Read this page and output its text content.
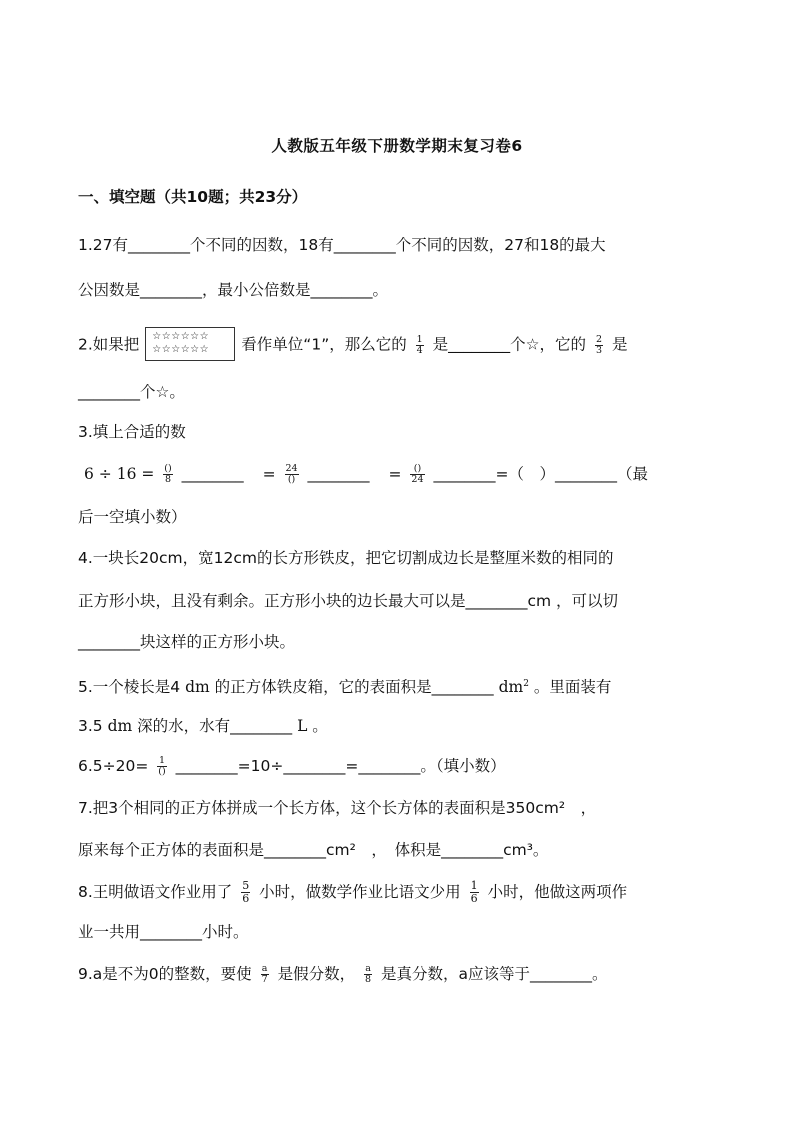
人教版五年级下册数学期末复习卷6
一、填空题（共10题；共23分）
1.27有________个不同的因数，18有________个不同的因数，27和18的最大
公因数是________，最小公倍数是________。
2.如果把	☆☆☆☆☆☆
☆☆☆☆☆☆	看作单位“1”，那么它的 $\frac{1}{4}$ 是________个☆，它的 $\frac{2}{3}$ 是
________个☆。
3.填上合适的数
$6 \div 16 = \frac{()}{8}$ ________ = $\frac{24}{()}$ ________ = $\frac{()}{24}$ ________=（　）________（最
后一空填小数）
4.一块长20cm，宽12cm的长方形铁皮，把它切割成边长是整厘米数的相同的
正方形小块，且没有剩余。正方形小块的边长最大可以是________cm ，可以切
________块这样的正方形小块。
5.一个棱长是4 dm 的正方体铁皮箱，它的表面积是________ $dm^2$ 。里面装有
3.5 dm 深的水，水有________ L 。
$6.5\div 20= \frac{1}{()}$ ________=10÷________=________。（填小数）
7.把3个相同的正方体拼成一个长方体，这个长方体的表面积是350cm²　，
原来每个正方体的表面积是________cm²　，　体积是________cm³。
8.王明做语文作业用了 $\frac{5}{6}$ 小时，做数学作业比语文少用 $\frac{1}{6}$ 小时，他做这两项作
业一共用________小时。
9.a是不为0的整数，要使 $\frac{a}{7}$ 是假分数， $\frac{a}{8}$ 是真分数，a应该等于________。
